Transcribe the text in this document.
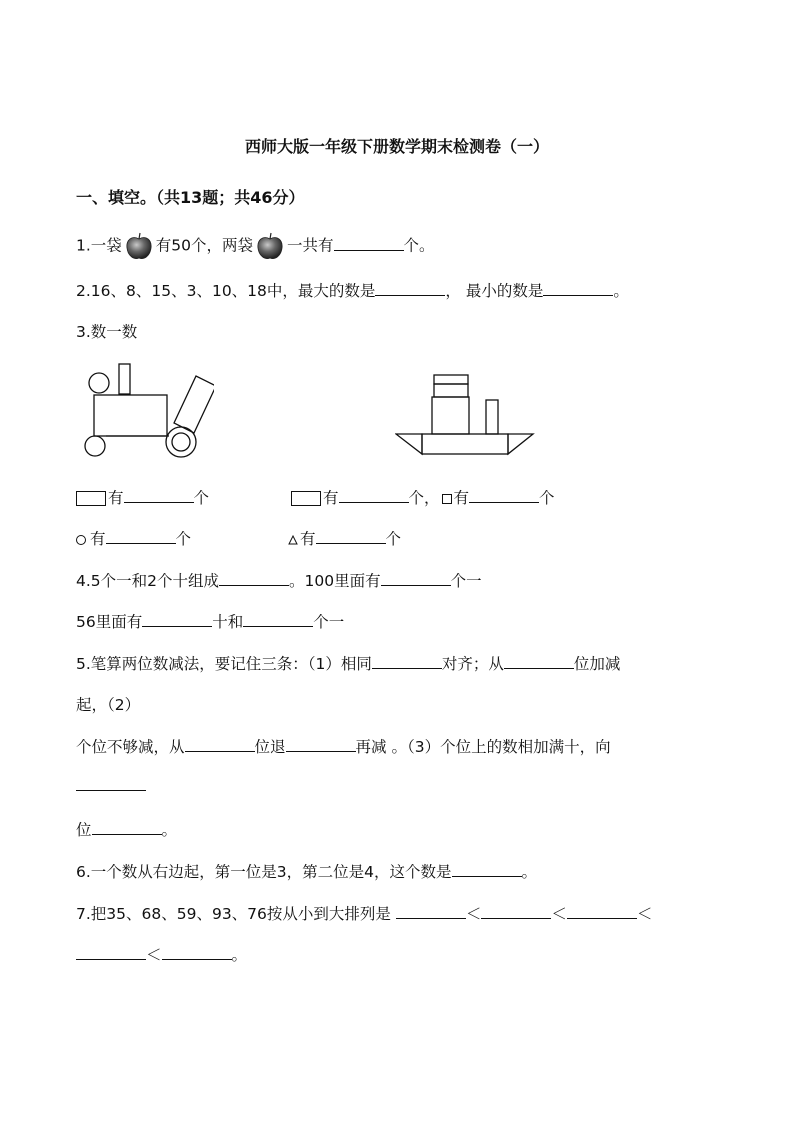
西师大版一年级下册数学期末检测卷（一）
一、填空。（共13题；共46分）
1.一袋 有50个，两袋 一共有	个。
2.16、8、15、3、10、18中，最大的数是	， 最小的数是	。
3.数一数
有	个	有	个， 有	个
有	个	有	个
4.5个一和2个十组成	。100里面有	个一
56里面有	十和	个一
5.笔算两位数减法，要记住三条：（1）相同	对齐；从	位加减
起，（2）
个位不够减，从	位退	再减 。（3）个位上的数相加满十，向
位	。
6.一个数从右边起，第一位是3，第二位是4，这个数是	。
7.把35、68、59、93、76按从小到大排列是	＜	＜	＜
＜	。
